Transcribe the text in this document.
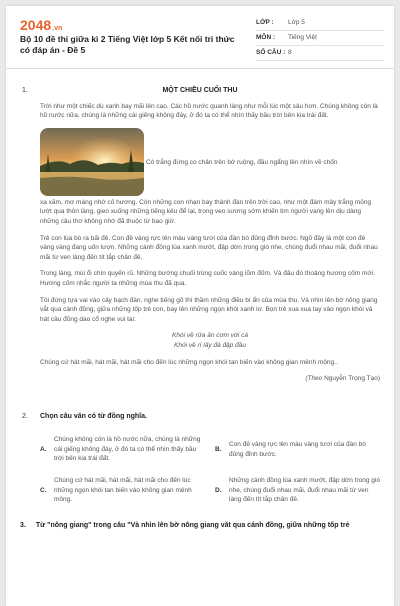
2048.vn
Bộ 10 đề thi giữa kì 2 Tiếng Việt lớp 5 Kết nối tri thức có đáp án - Đề 5
LỚP :	Lớp 5
MÔN :	Tiếng Việt
SỐ CÂU : 8
1.	MỘT CHIỀU CUỐI THU

Trời như một chiếc dù xanh bay mãi lên cao. Các hồ nước quanh làng như mỗi lúc một sâu hơn. Chúng không còn là hồ nước nữa, chúng là những cái giếng không đáy, ở đó ta có thể nhìn thấy bầu trời bên kia trái đất.

Cò trắng đứng co chân trên bờ ruộng, đầu ngẩng lên nhìn về chốn

xa xăm, mơ màng nhớ cố hương. Còn những con nhạn bay thành đàn trên trời cao, như một đám mây trắng mỏng lướt qua thôn làng, gieo xuống những tiếng kêu để lại, trong veo sương sớm khiến tim người vang lên dịu dàng những câu thơ không nhớ đã thuộc từ bao giờ.

Trẻ con lùa bò ra bãi đê. Con đê vàng rực lên màu vàng tươi của đàn bò đủng đỉnh bước. Ngõ đây là một con đê vàng vàng đang uốn lượn. Những cánh đồng lúa xanh mướt, đập dờn trong gió nhe, chúng đuổi nhau mãi, đuổi nhau mãi từ ven làng đến tít tắp chân đê.

Trong làng, mùi ổi chín quyến rũ. Những bướng chuối trùng cuốc vàng lõm đốm. Và đâu đó thoảng hương cốm mới. Hương cốm nhắc người ta những mùa thu đã qua.

Tôi đứng tựa vai vào cây bạch đàn, nghe tiếng gõ thì thầm những điều bí ẩn của mùa thu. Và nhìn lên bờ nông giang vắt qua cánh đồng, giữa những tốp trẻ con, bay lên những ngọn khói xanh lơ. Bọn trẻ xua xua tay vào ngọn khói và hát câu đồng dao cổ nghe vui tai:

Khói về rửa ăn cơm với cá

Khói về rí lấy đá đập đầu

Chúng cứ hát mãi, hát mãi, hát mãi cho đến lúc những ngọn khói tan biến vào không gian mênh mông..

(Theo Nguyễn Trọng Tạo)

2. Chọn câu văn có từ đồng nghĩa.
A.
Chúng không còn là hồ nước nữa, chúng là những cái giếng không đáy, ở đó ta có thể nhìn thấy bầu trời bên kia trái đất.
B.
Con đê vàng rực lên màu vàng tươi của đàn bò đủng đỉnh bước.
C.
Chúng cứ hát mãi, hát mãi, hát mãi cho đến lúc những ngọn khói tan biến vào không gian mênh mông.
D.
Những cánh đồng lúa xanh mướt, đập dờn trong gió nhe, chúng đuổi nhau mãi, đuổi nhau mãi từ ven làng đến tít tắp chân đê.
3. Từ "nông giang" trong câu "Và nhìn lên bờ nông giang vắt qua cánh đồng, giữa những tốp trẻ
